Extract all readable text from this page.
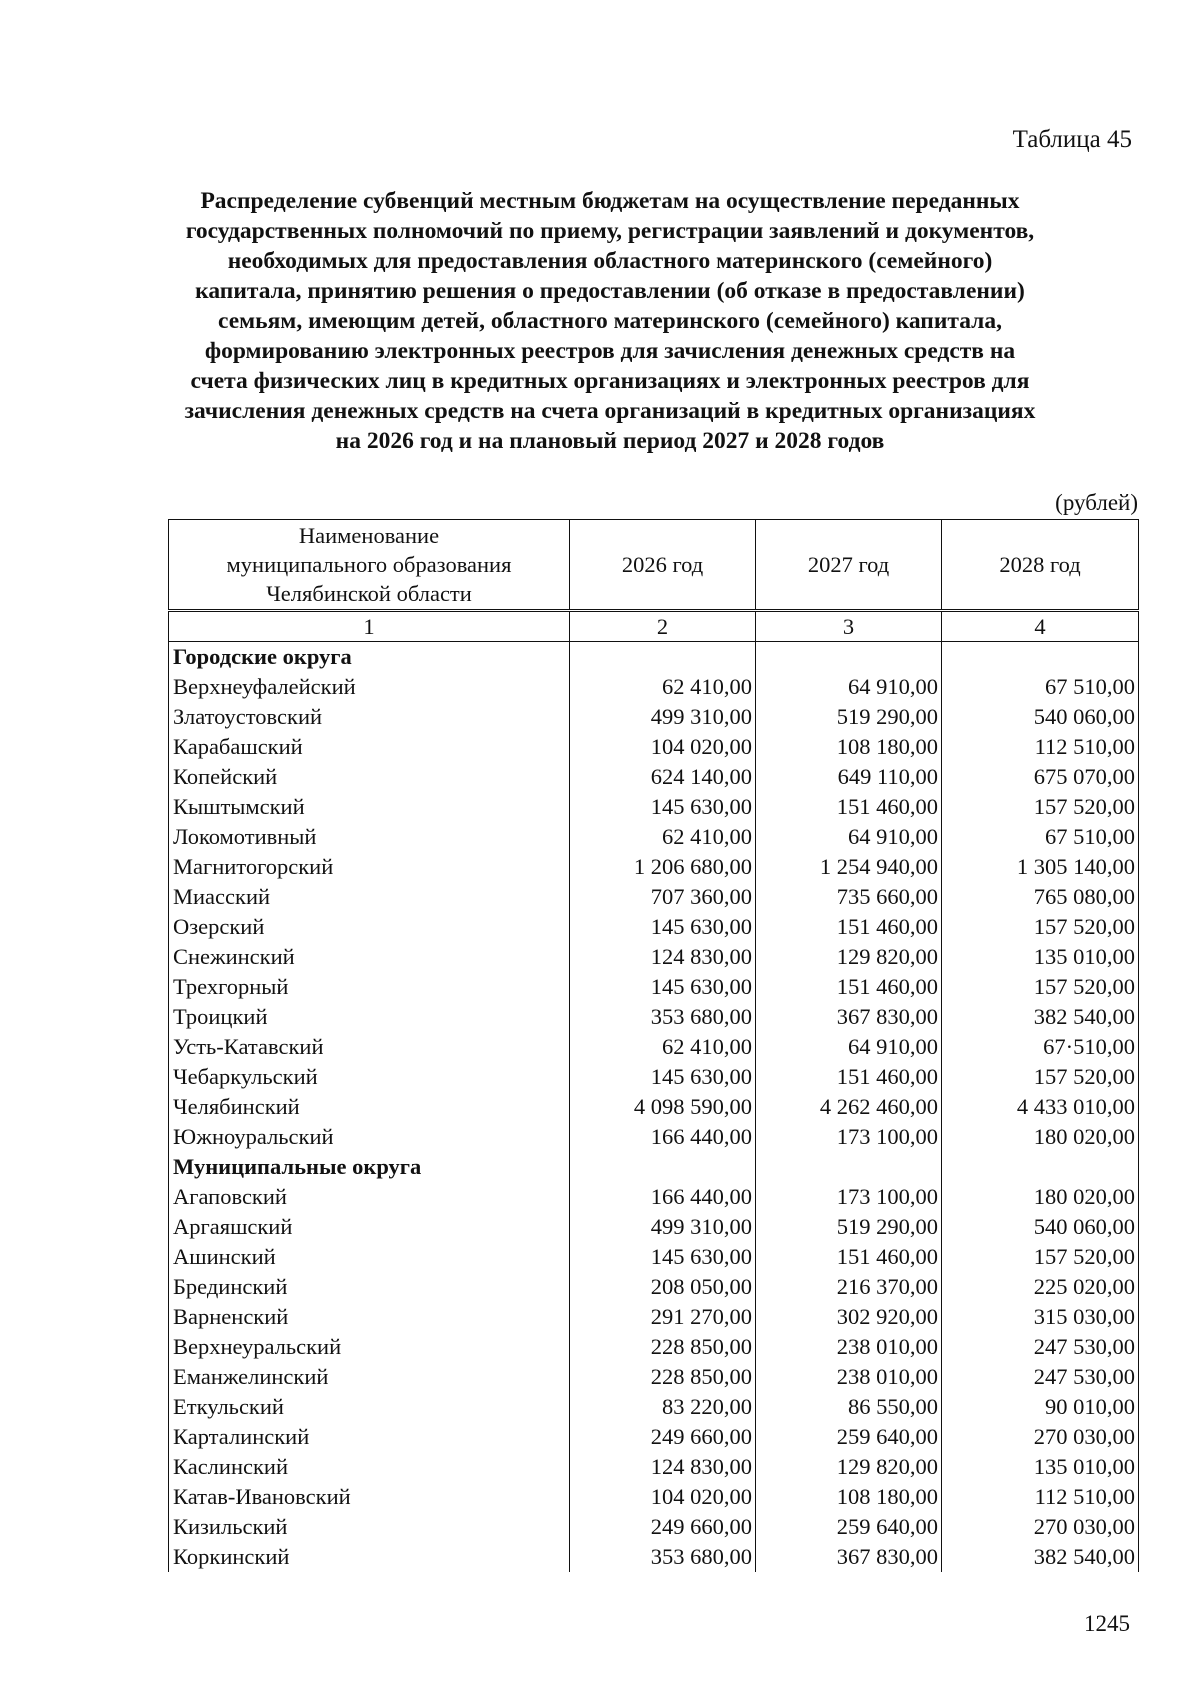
Таблица 45
Распределение субвенций местным бюджетам на осуществление переданных
государственных полномочий по приему, регистрации заявлений и документов,
необходимых для предоставления областного материнского (семейного)
капитала, принятию решения о предоставлении (об отказе в предоставлении)
семьям, имеющим детей, областного материнского (семейного) капитала,
формированию электронных реестров для зачисления денежных средств на
счета физических лиц в кредитных организациях и электронных реестров для
зачисления денежных средств на счета организаций в кредитных организациях
на 2026 год и на плановый период 2027 и 2028 годов
(рублей)
Наименование
муниципального образования
Челябинской области	2026 год	2027 год	2028 год
1	2	3	4
Городские округа			
Верхнеуфалейский	62 410,00	64 910,00	67 510,00
Златоустовский	499 310,00	519 290,00	540 060,00
Карабашский	104 020,00	108 180,00	112 510,00
Копейский	624 140,00	649 110,00	675 070,00
Кыштымский	145 630,00	151 460,00	157 520,00
Локомотивный	62 410,00	64 910,00	67 510,00
Магнитогорский	1 206 680,00	1 254 940,00	1 305 140,00
Миасский	707 360,00	735 660,00	765 080,00
Озерский	145 630,00	151 460,00	157 520,00
Снежинский	124 830,00	129 820,00	135 010,00
Трехгорный	145 630,00	151 460,00	157 520,00
Троицкий	353 680,00	367 830,00	382 540,00
Усть-Катавский	62 410,00	64 910,00	67·510,00
Чебаркульский	145 630,00	151 460,00	157 520,00
Челябинский	4 098 590,00	4 262 460,00	4 433 010,00
Южноуральский	166 440,00	173 100,00	180 020,00
Муниципальные округа			
Агаповский	166 440,00	173 100,00	180 020,00
Аргаяшский	499 310,00	519 290,00	540 060,00
Ашинский	145 630,00	151 460,00	157 520,00
Брединский	208 050,00	216 370,00	225 020,00
Варненский	291 270,00	302 920,00	315 030,00
Верхнеуральский	228 850,00	238 010,00	247 530,00
Еманжелинский	228 850,00	238 010,00	247 530,00
Еткульский	83 220,00	86 550,00	90 010,00
Карталинский	249 660,00	259 640,00	270 030,00
Каслинский	124 830,00	129 820,00	135 010,00
Катав-Ивановский	104 020,00	108 180,00	112 510,00
Кизильский	249 660,00	259 640,00	270 030,00
Коркинский	353 680,00	367 830,00	382 540,00
1245
